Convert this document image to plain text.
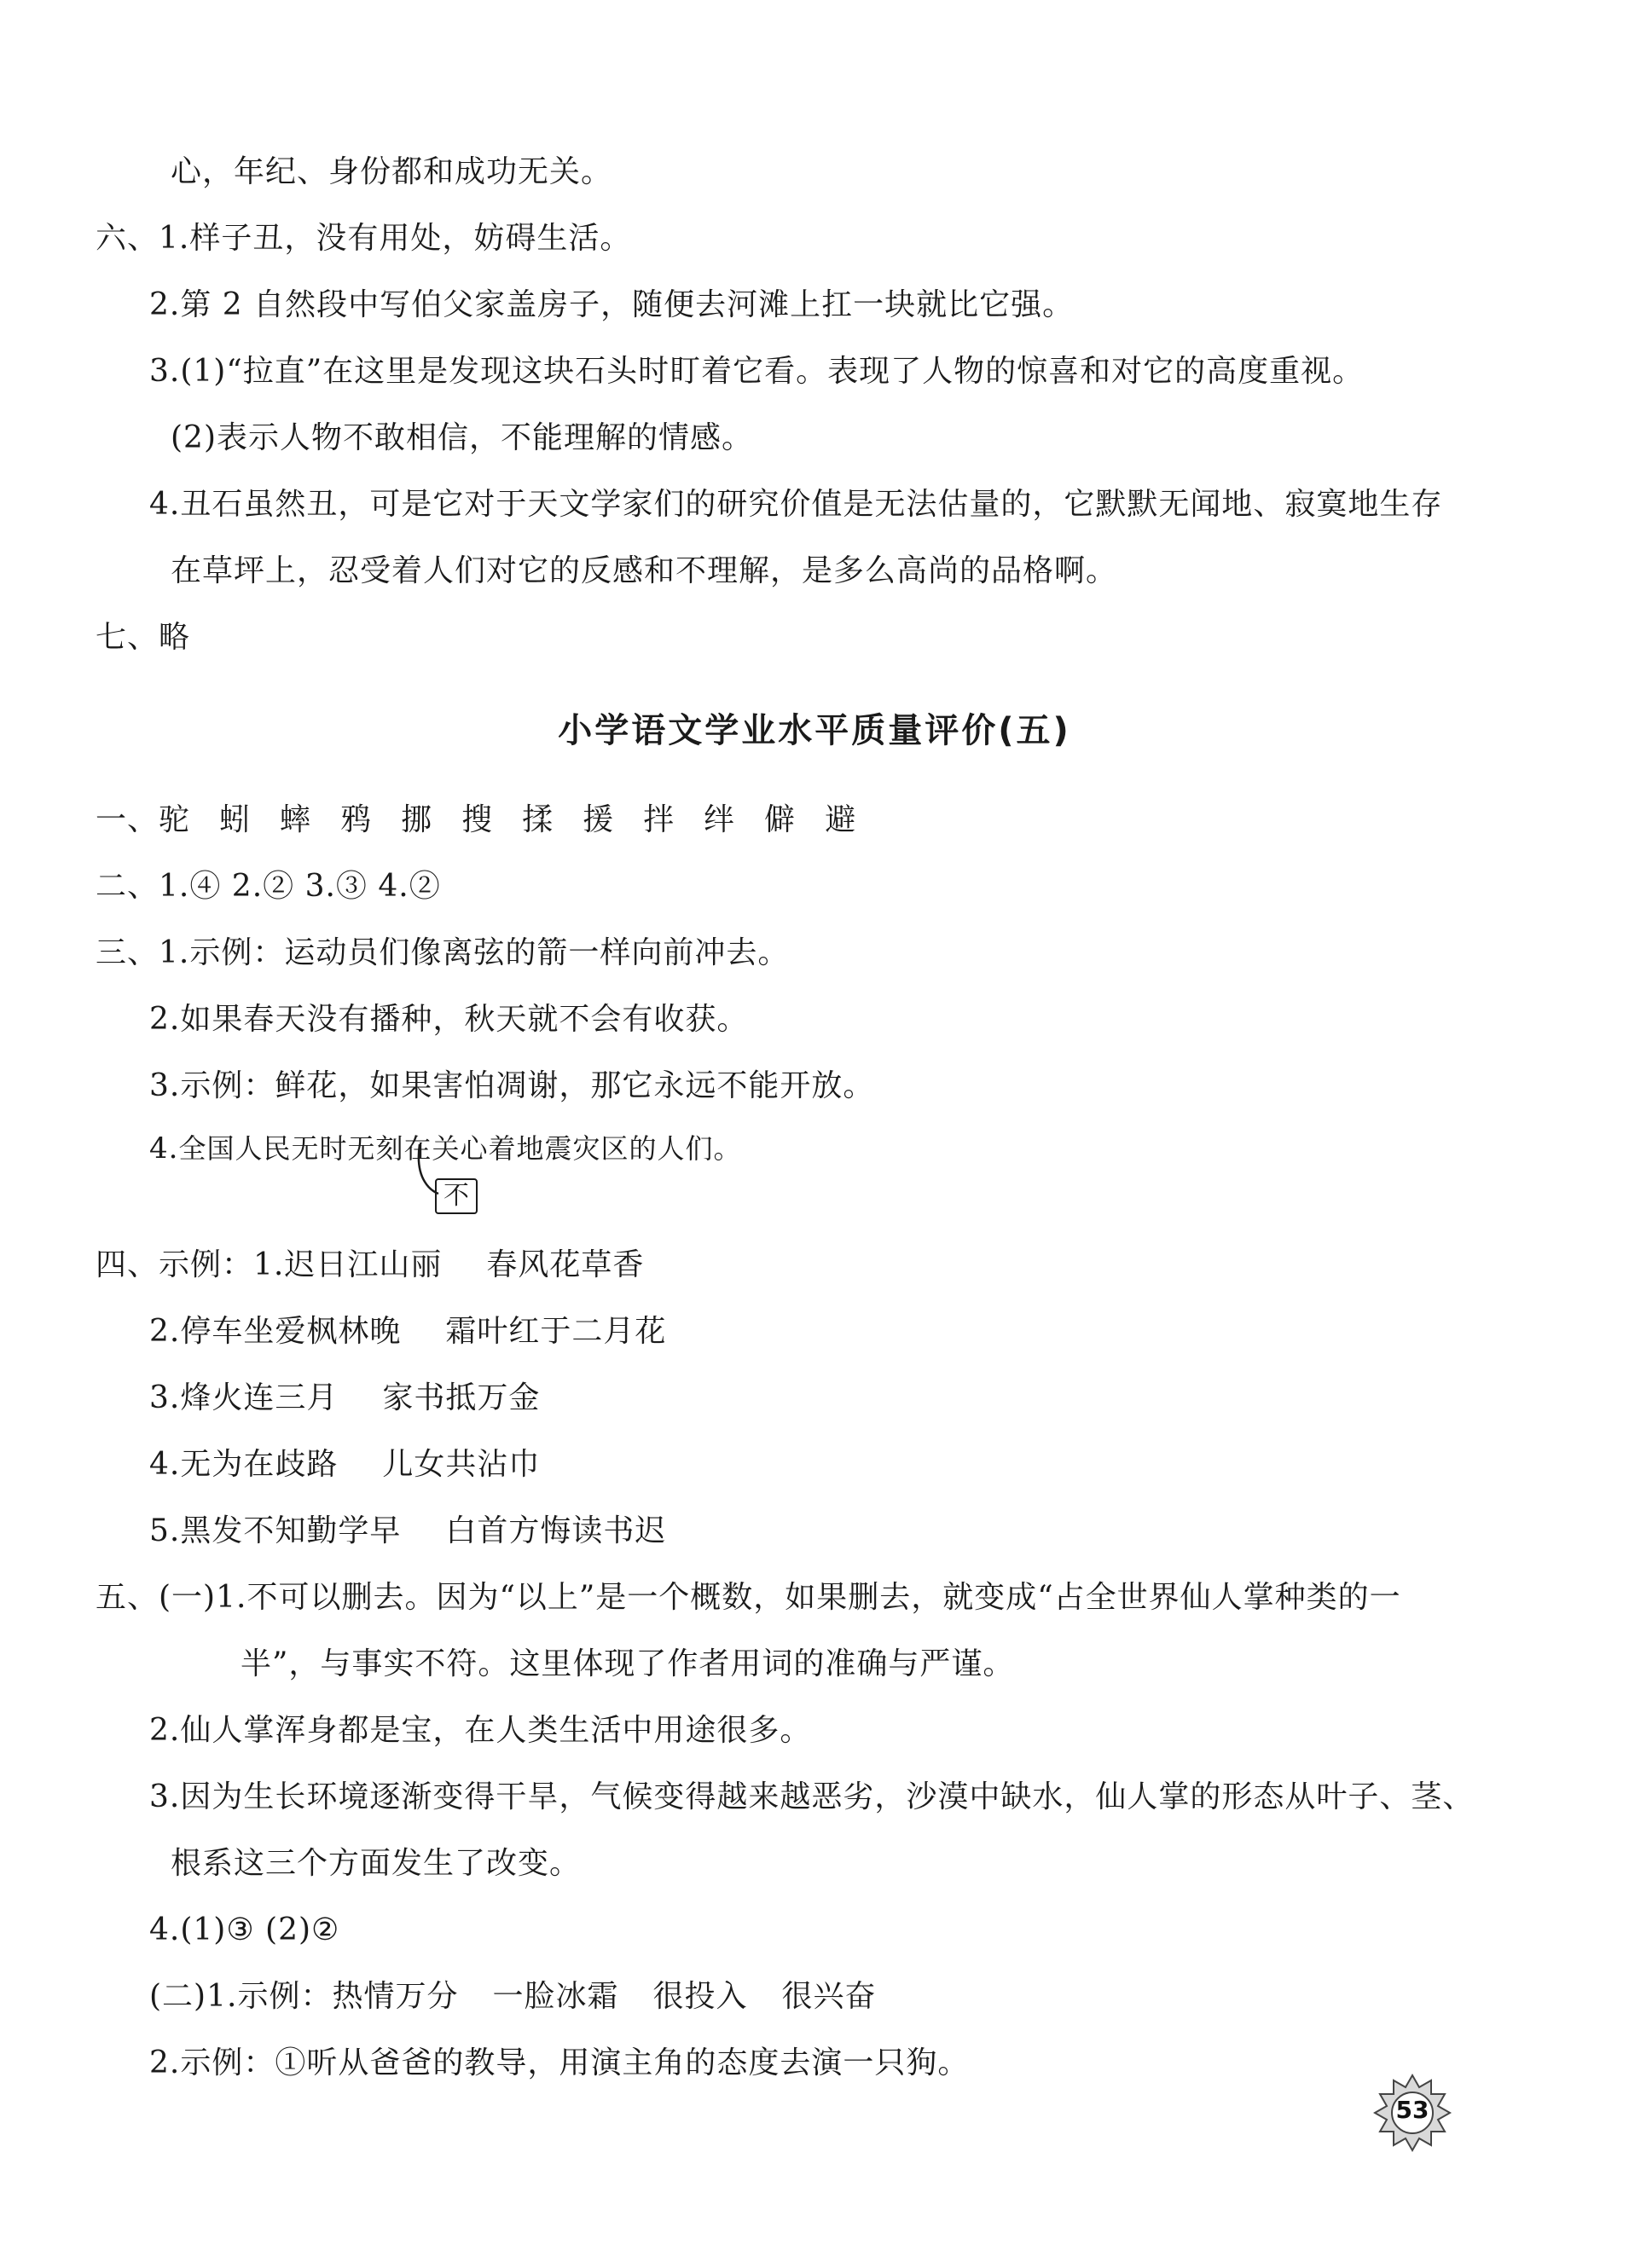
心，年纪、身份都和成功无关。
六、1.样子丑，没有用处，妨碍生活。
2.第 2 自然段中写伯父家盖房子，随便去河滩上扛一块就比它强。
3.(1)“拉直”在这里是发现这块石头时盯着它看。表现了人物的惊喜和对它的高度重视。
(2)表示人物不敢相信，不能理解的情感。
4.丑石虽然丑，可是它对于天文学家们的研究价值是无法估量的，它默默无闻地、寂寞地生存
在草坪上，忍受着人们对它的反感和不理解，是多么高尚的品格啊。
七、略
小学语文学业水平质量评价(五)
一、驼 蚓 蟀 鸦 挪 搜 揉 援 拌 绊 僻 避
二、1.④ 2.② 3.③ 4.②
三、1.示例：运动员们像离弦的箭一样向前冲去。
2.如果春天没有播种，秋天就不会有收获。
3.示例：鲜花，如果害怕凋谢，那它永远不能开放。
4.全国人民无时无刻在关心着地震灾区的人们。
不
四、示例：1.迟日江山丽 春风花草香
2.停车坐爱枫林晚 霜叶红于二月花
3.烽火连三月 家书抵万金
4.无为在歧路 儿女共沾巾
5.黑发不知勤学早 白首方悔读书迟
五、(一)1.不可以删去。因为“以上”是一个概数，如果删去，就变成“占全世界仙人掌种类的一
半”，与事实不符。这里体现了作者用词的准确与严谨。
2.仙人掌浑身都是宝，在人类生活中用途很多。
3.因为生长环境逐渐变得干旱，气候变得越来越恶劣，沙漠中缺水，仙人掌的形态从叶子、茎、
根系这三个方面发生了改变。
4.(1)③ (2)②
(二)1.示例：热情万分 一脸冰霜 很投入 很兴奋
2.示例：①听从爸爸的教导，用演主角的态度去演一只狗。
53
